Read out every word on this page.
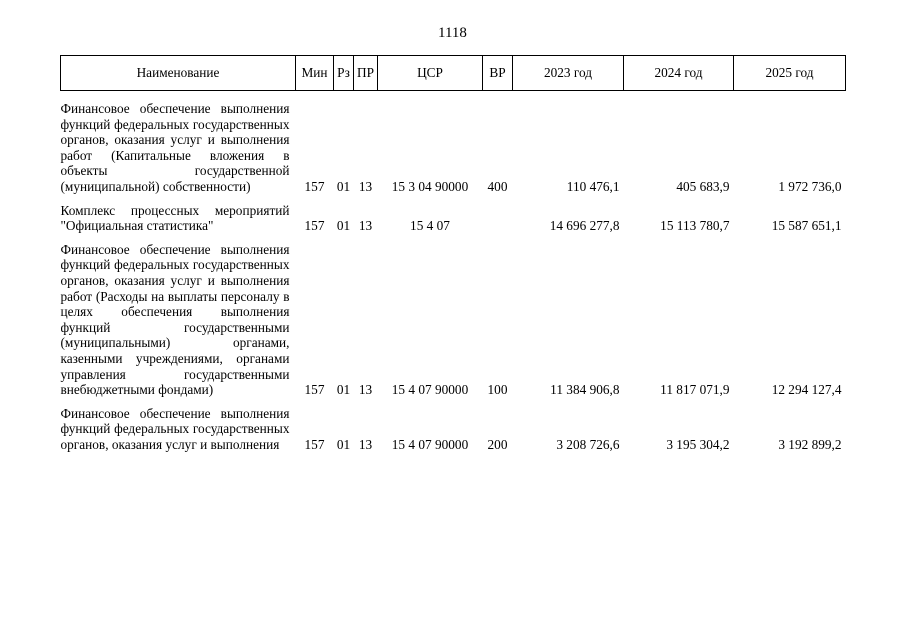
1118
Наименование	Мин	Рз	ПР	ЦСР	ВР	2023 год	2024 год	2025 год

Финансовое обеспечение выполнения функций федеральных государственных органов, оказания услуг и выполнения работ (Капитальные вложения в объекты государственной (муниципальной) собственности)	157	01	13	15 3 04 90000	400	110 476,1	405 683,9	1 972 736,0

Комплекс процессных мероприятий "Официальная статистика"	157	01	13	15 4 07		14 696 277,8	15 113 780,7	15 587 651,1

Финансовое обеспечение выполнения функций федеральных государственных органов, оказания услуг и выполнения работ (Расходы на выплаты персоналу в целях обеспечения выполнения функций государственными (муниципальными) органами, казенными учреждениями, органами управления государственными внебюджетными фондами)	157	01	13	15 4 07 90000	100	11 384 906,8	11 817 071,9	12 294 127,4

Финансовое обеспечение выполнения функций федеральных государственных органов, оказания услуг и выполнения	157	01	13	15 4 07 90000	200	3 208 726,6	3 195 304,2	3 192 899,2
